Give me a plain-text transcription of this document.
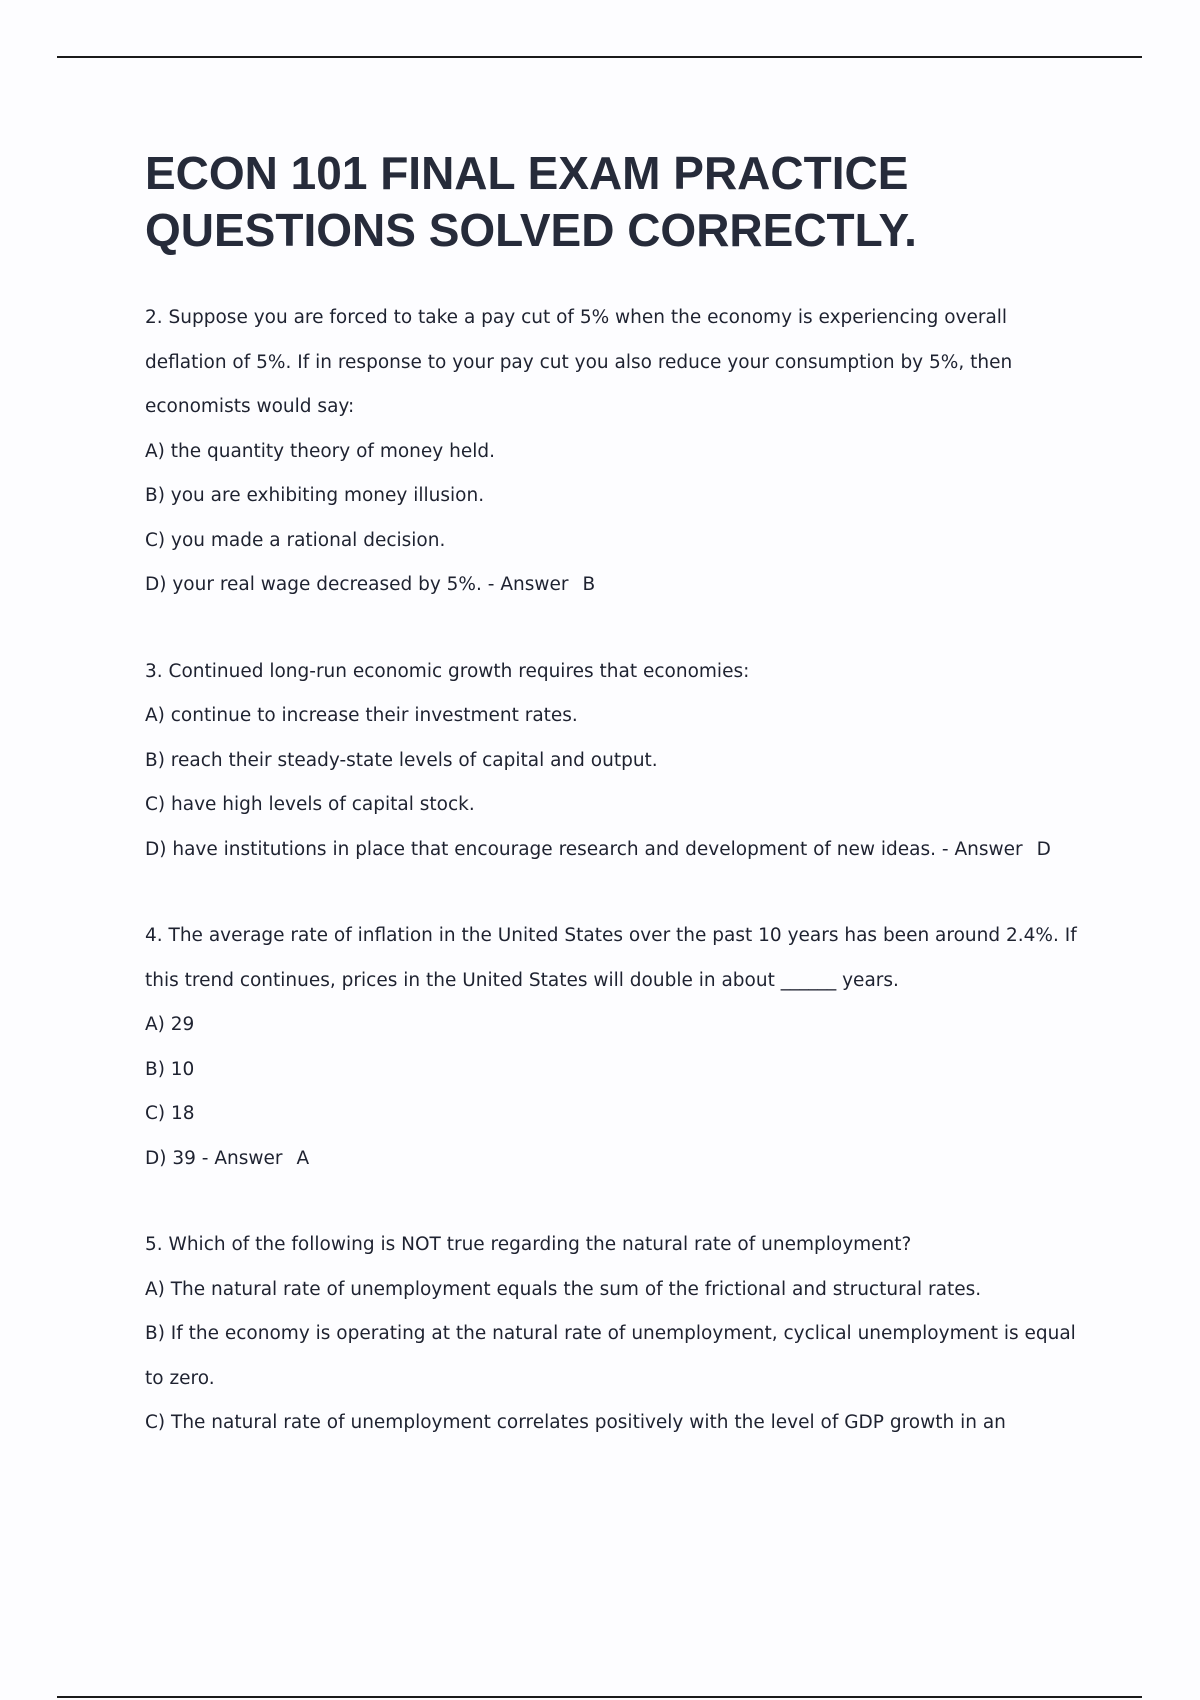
ECON 101 FINAL EXAM PRACTICE QUESTIONS SOLVED CORRECTLY.

2. Suppose you are forced to take a pay cut of 5% when the economy is experiencing overall deflation of 5%. If in response to your pay cut you also reduce your consumption by 5%, then economists would say:

A) the quantity theory of money held.

B) you are exhibiting money illusion.

C) you made a rational decision.

D) your real wage decreased by 5%. - Answer B

3. Continued long-run economic growth requires that economies:

A) continue to increase their investment rates.

B) reach their steady-state levels of capital and output.

C) have high levels of capital stock.

D) have institutions in place that encourage research and development of new ideas. - Answer D

4. The average rate of inflation in the United States over the past 10 years has been around 2.4%. If this trend continues, prices in the United States will double in about ______ years.

A) 29

B) 10

C) 18

D) 39 - Answer A

5. Which of the following is NOT true regarding the natural rate of unemployment?

A) The natural rate of unemployment equals the sum of the frictional and structural rates.

B) If the economy is operating at the natural rate of unemployment, cyclical unemployment is equal to zero.

C) The natural rate of unemployment correlates positively with the level of GDP growth in an
